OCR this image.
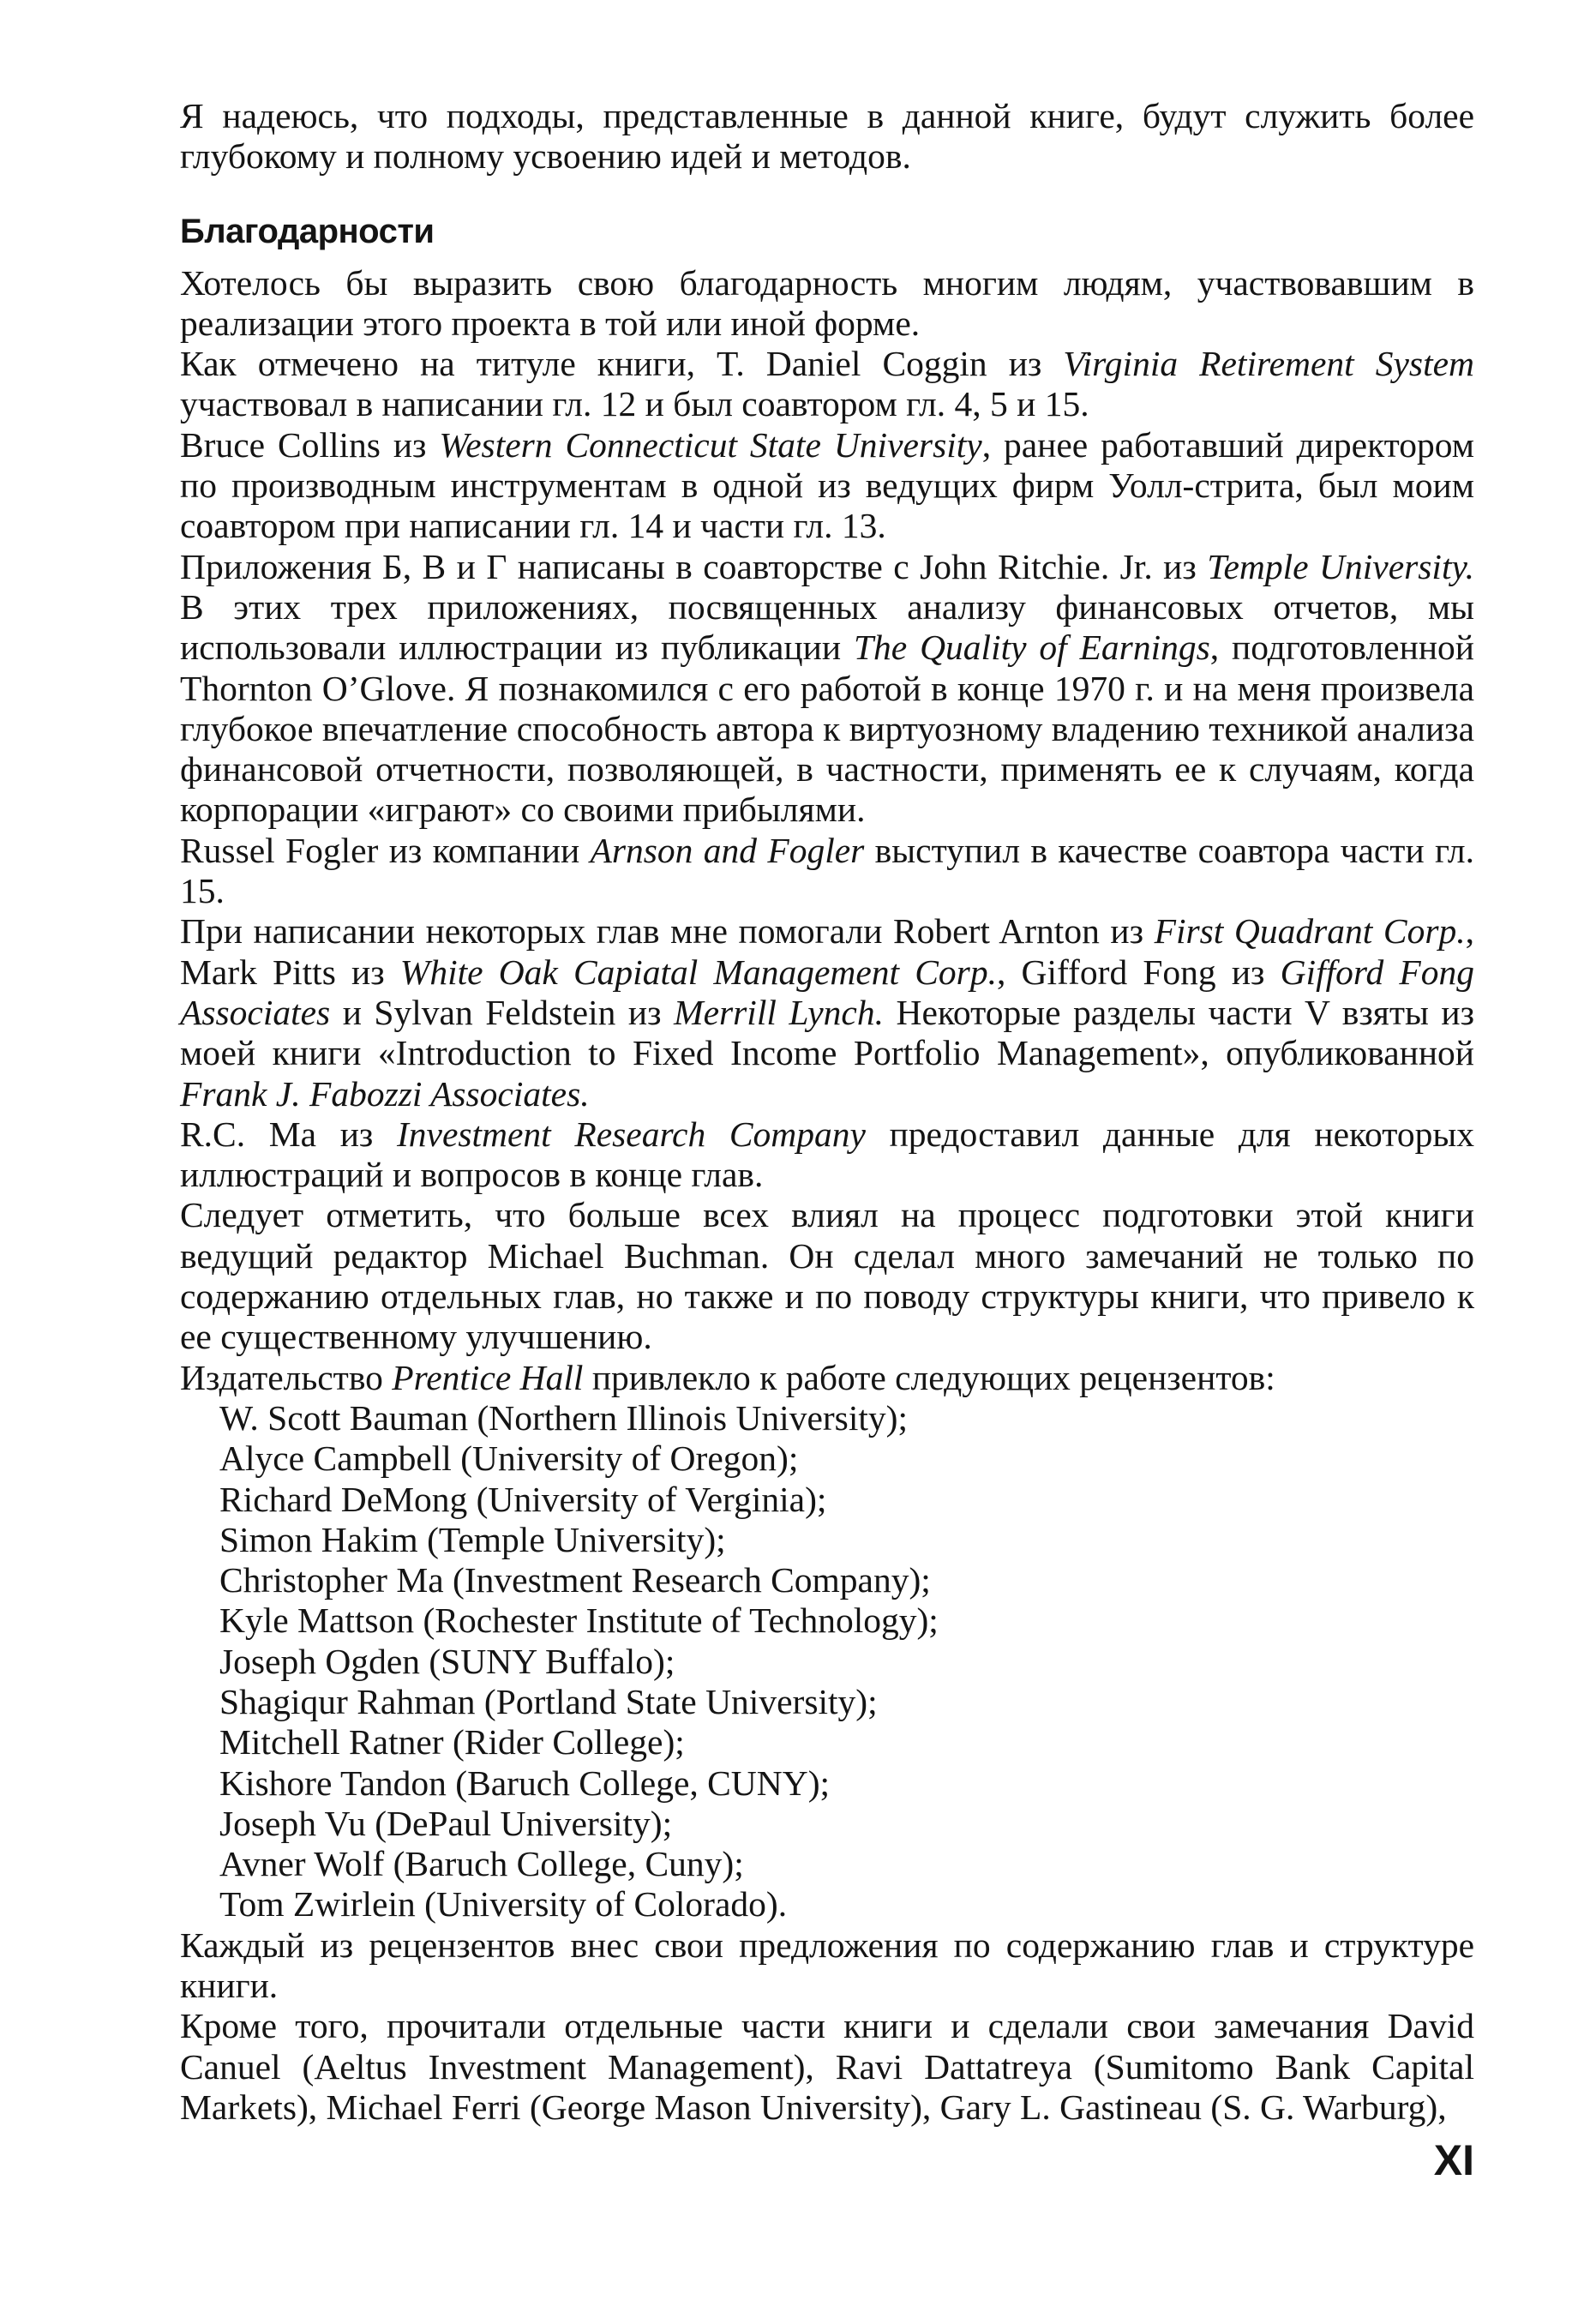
Я надеюсь, что подходы, представленные в данной книге, будут служить более глубокому и полному усвоению идей и методов.

Благодарности

Хотелось бы выразить свою благодарность многим людям, участвовавшим в реализации этого проекта в той или иной форме.

Как отмечено на титуле книги, T. Daniel Coggin из Virginia Retirement System участвовал в написании гл. 12 и был соавтором гл. 4, 5 и 15.

Bruce Collins из Western Connecticut State University, ранее работавший директором по производным инструментам в одной из ведущих фирм Уолл-стрита, был моим соавтором при написании гл. 14 и части гл. 13.

Приложения Б, В и Г написаны в соавторстве с John Ritchie. Jr. из Temple University. В этих трех приложениях, посвященных анализу финансовых отчетов, мы использовали иллюстрации из публикации The Quality of Earnings, подготовленной Thornton O’Glove. Я познакомился с его работой в конце 1970 г. и на меня произвела глубокое впечатление способность автора к виртуозному владению техникой анализа финансовой отчетности, позволяющей, в частности, применять ее к случаям, когда корпорации «играют» со своими прибылями.

Russel Fogler из компании Arnson and Fogler выступил в качестве соавтора части гл. 15.

При написании некоторых глав мне помогали Robert Arnton из First Quadrant Corp., Mark Pitts из White Oak Capiatal Management Corp., Gifford Fong из Gifford Fong Associates и Sylvan Feldstein из Merrill Lynch. Некоторые разделы части V взяты из моей книги «Introduction to Fixed Income Portfolio Management», опубликованной Frank J. Fabozzi Associates.

R.C. Ма из Investment Research Company предоставил данные для некоторых иллюстраций и вопросов в конце глав.

Следует отметить, что больше всех влиял на процесс подготовки этой книги ведущий редактор Michael Buchman. Он сделал много замечаний не только по содержанию отдельных глав, но также и по поводу структуры книги, что привело к ее существенному улучшению.

Издательство Prentice Hall привлекло к работе следующих рецензентов:

W. Scott Bauman (Northern Illinois University);
Alyce Campbell (University of Oregon);
Richard DeMong (University of Verginia);
Simon Hakim (Temple University);
Christopher Ma (Investment Research Company);
Kyle Mattson (Rochester Institute of Technology);
Joseph Ogden (SUNY Buffalo);
Shagiqur Rahman (Portland State University);
Mitchell Ratner (Rider College);
Kishore Tandon (Baruch College, CUNY);
Joseph Vu (DePaul University);
Avner Wolf (Baruch College, Cuny);
Tom Zwirlein (University of Colorado).

Каждый из рецензентов внес свои предложения по содержанию глав и структуре книги.

Кроме того, прочитали отдельные части книги и сделали свои замечания David Canuel (Aeltus Investment Management), Ravi Dattatreya (Sumitomo Bank Capital Markets), Michael Ferri (George Mason University), Gary L. Gastineau (S. G. Warburg),

XI
